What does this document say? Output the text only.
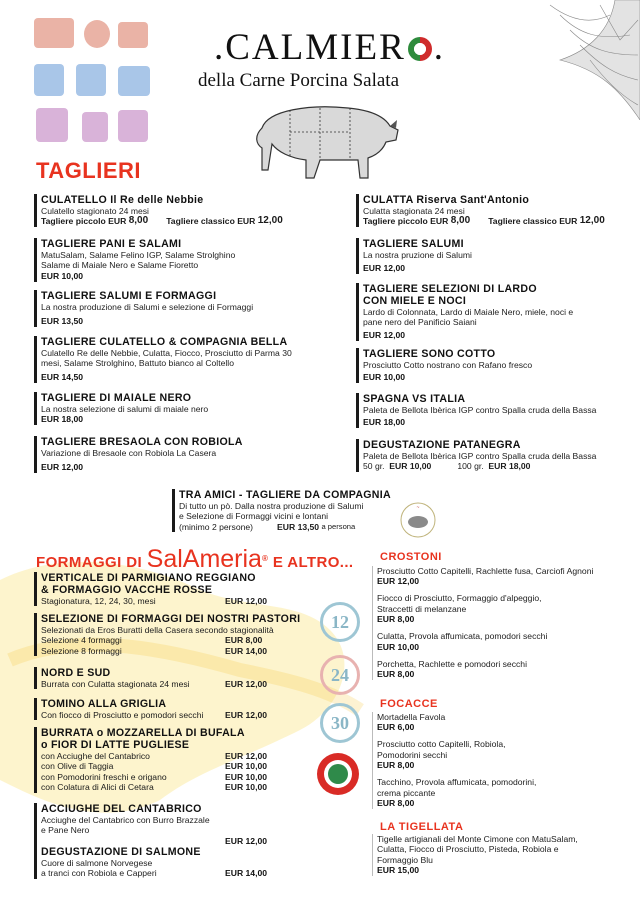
.CALMIER .
della Carne Porcina Salata
TAGLIERI
CULATELLO Il Re delle Nebbie
Culatello stagionato 24 mesi
Tagliere piccolo EUR
8,00 Tagliere classico EUR
12,00
TAGLIERE PANI E SALAMI
MatuSalam, Salame Felino IGP, Salame Strolghino
Salame di Maiale Nero e Salame Fioretto
EUR 10,00
TAGLIERE SALUMI E FORMAGGI
La nostra produzione di Salumi e selezione di Formaggi
EUR 13,50
TAGLIERE CULATELLO & COMPAGNIA BELLA
Culatello Re delle Nebbie, Culatta, Fiocco, Prosciutto di Parma 30
mesi, Salame Strolghino, Battuto bianco al Coltello
EUR 14,50
TAGLIERE DI MAIALE NERO
La nostra selezione di salumi di maiale nero
EUR 18,00
TAGLIERE BRESAOLA CON ROBIOLA
Variazione di Bresaole con Robiola La Casera
EUR 12,00
CULATTA Riserva Sant'Antonio
Culatta stagionata 24 mesi
Tagliere piccolo EUR
8,00 Tagliere classico EUR
12,00
TAGLIERE SALUMI
La nostra pruzione di Salumi
EUR 12,00
TAGLIERE SELEZIONI DI LARDO
CON MIELE E NOCI
Lardo di Colonnata, Lardo di Maiale Nero, miele, noci e
pane nero del Panificio Saiani
EUR 12,00
TAGLIERE SONO COTTO
Prosciutto Cotto nostrano con Rafano fresco
EUR 10,00
SPAGNA VS ITALIA
Paleta de Bellota Ibèrica IGP contro Spalla cruda della Bassa
EUR 18,00
DEGUSTAZIONE PATANEGRA
Paleta de Bellota Ibèrica IGP contro Spalla cruda della Bassa
50 gr.
EUR 10,00	100 gr.
EUR 18,00
TRA AMICI - TAGLIERE DA COMPAGNIA
Di tutto un pò. Dalla nostra produzione di Salumi
e Selezione di Formaggi vicini e lontani
(minimo 2 persone)	EUR 13,50
a persona
~
FORMAGGI DI SalAmeria® E ALTRO...
VERTICALE DI PARMIGIANO REGGIANO
& FORMAGGIO VACCHE ROSSE
Stagionatura, 12, 24, 30, mesi	EUR 12,00
SELEZIONE DI FORMAGGI DEI NOSTRI PASTORI
Selezionati da Eros Buratti della Casera secondo stagionalità
Selezione 4 formaggi	EUR 8,00
Selezione 8 formaggi	EUR 14,00
NORD E SUD
Burrata con Culatta stagionata 24 mesi	EUR 12,00
TOMINO ALLA GRIGLIA
Con fiocco di Prosciutto e pomodori secchi	EUR 12,00
BURRATA o MOZZARELLA DI BUFALA
o FIOR DI LATTE PUGLIESE
con Acciughe del Cantabrico	EUR 12,00
con Olive di Taggia	EUR 10,00
con Pomodorini freschi e origano	EUR 10,00
con Colatura di Alici di Cetara	EUR 10,00
ACCIUGHE DEL CANTABRICO
Acciughe del Cantabrico con Burro Brazzale
e Pane Nero
EUR 12,00
DEGUSTAZIONE DI SALMONE
Cuore di salmone Norvegese
a tranci con Robiola e Capperi	EUR 14,00
12
24
30
CROSTONI
Prosciutto Cotto Capitelli, Rachlette fusa, Carciofi Agnoni
EUR 12,00
Fiocco di Prosciutto, Formaggio d'alpeggio,
Straccetti di melanzane
EUR 8,00
Culatta, Provola affumicata, pomodori secchi
EUR 10,00
Porchetta, Rachlette e pomodori secchi
EUR 8,00
FOCACCE
Mortadella Favola
EUR 6,00
Prosciutto cotto Capitelli, Robiola,
Pomodorini secchi
EUR 8,00
Tacchino, Provola affumicata, pomodorini,
crema piccante
EUR 8,00
LA TIGELLATA
Tigelle artigianali del Monte Cimone con MatuSalam,
Culatta, Fiocco di Prosciutto, Pisteda, Robiola e
Formaggio Blu
EUR 15,00
